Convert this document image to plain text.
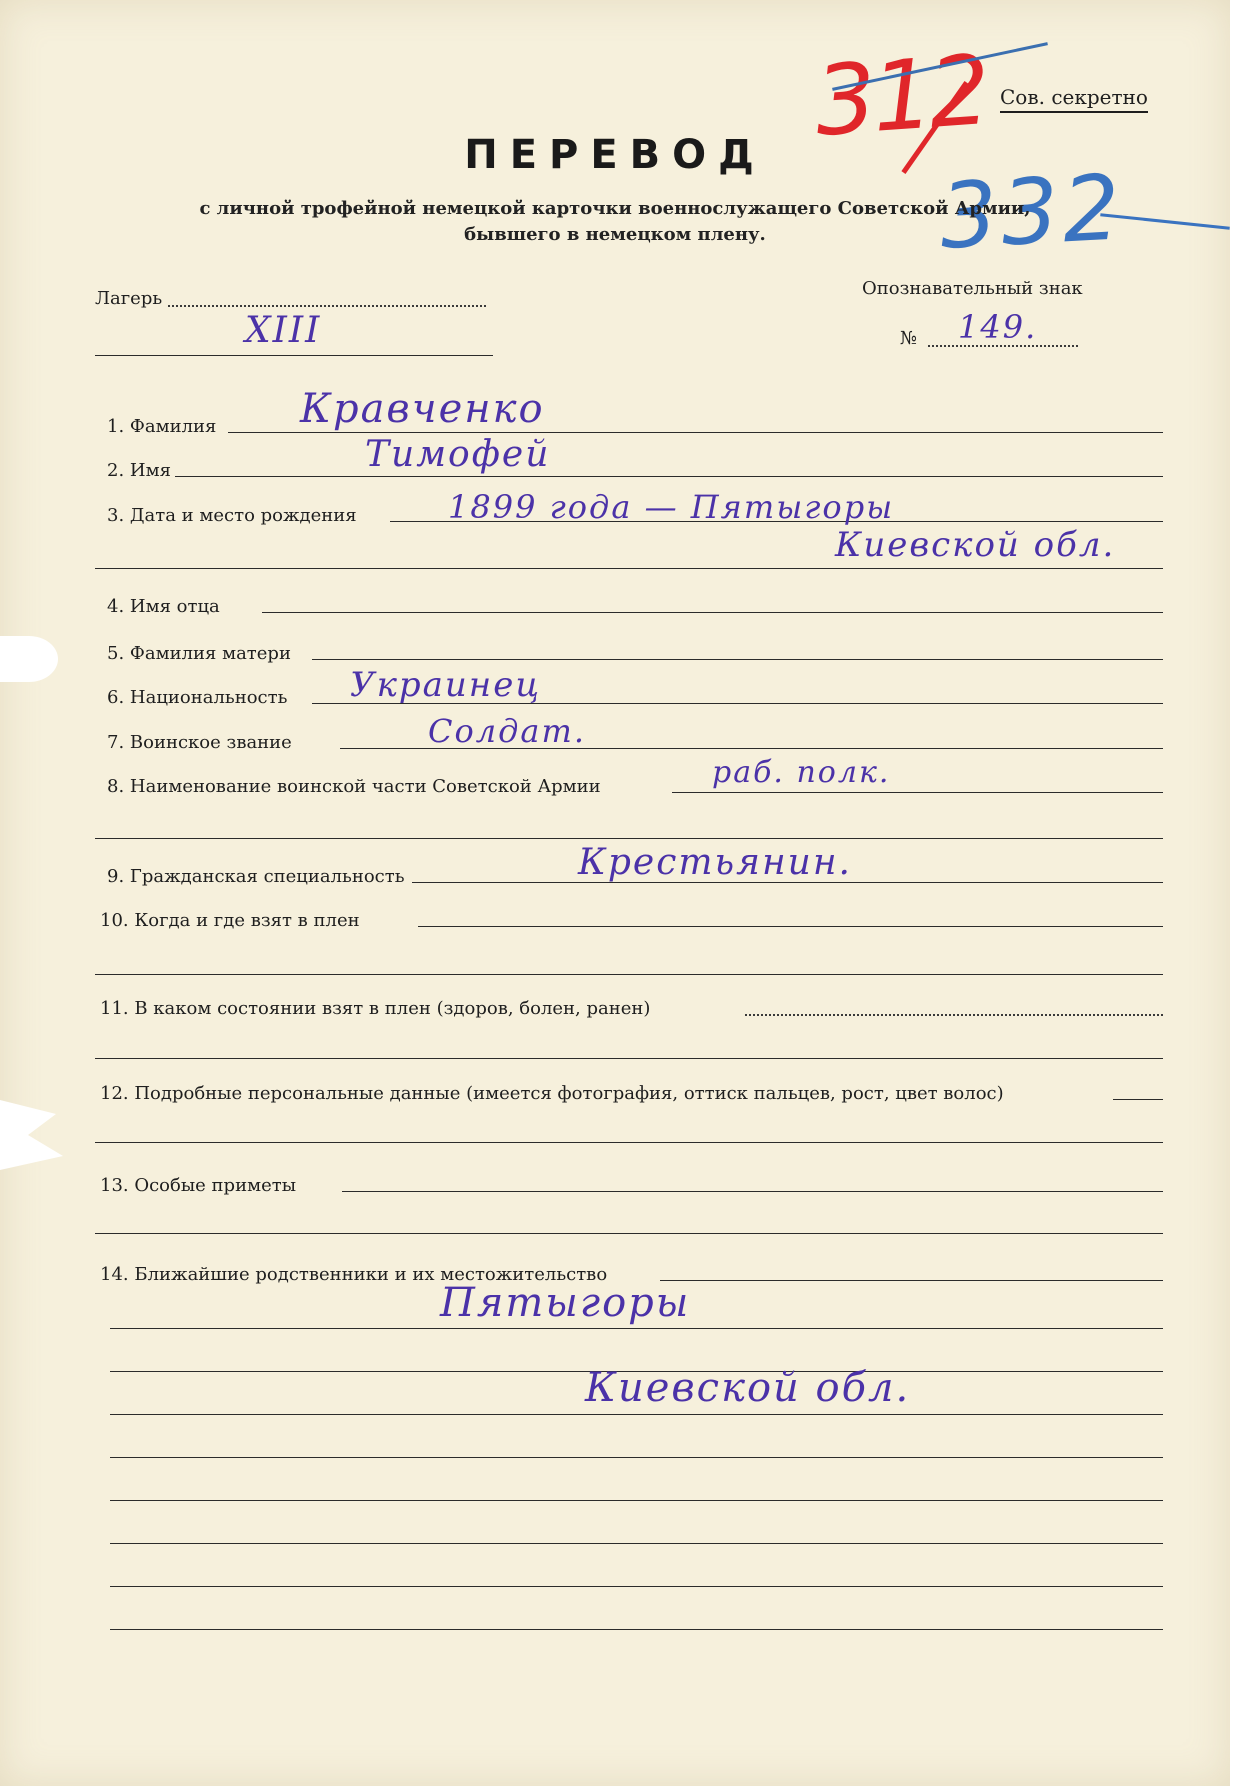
312
332
Сов. секретно
ПЕРЕВОД
с личной трофейной немецкой карточки военнослужащего Советской Армии,
бывшего в немецком плену.
Лагерь
XIII
Опознавательный знак
№ 149.
1. Фамилия Кравченко
2. Имя	Тимофей
3. Дата и место рождения	1899 года — Пятыгоры
Киевской обл.
4. Имя отца
5. Фамилия матери
6. Национальность Украинец
7. Воинское звание	Солдат.
8. Наименование воинской части Советской Армии	раб. полк.
9. Гражданская специальность	Крестьянин.
10. Когда и где взят в плен
11. В каком состоянии взят в плен (здоров, болен, ранен)
12. Подробные персональные данные (имеется фотография, оттиск пальцев, рост, цвет волос)
13. Особые приметы
14. Ближайшие родственники и их местожительство
Пятыгоры
Киевской обл.
